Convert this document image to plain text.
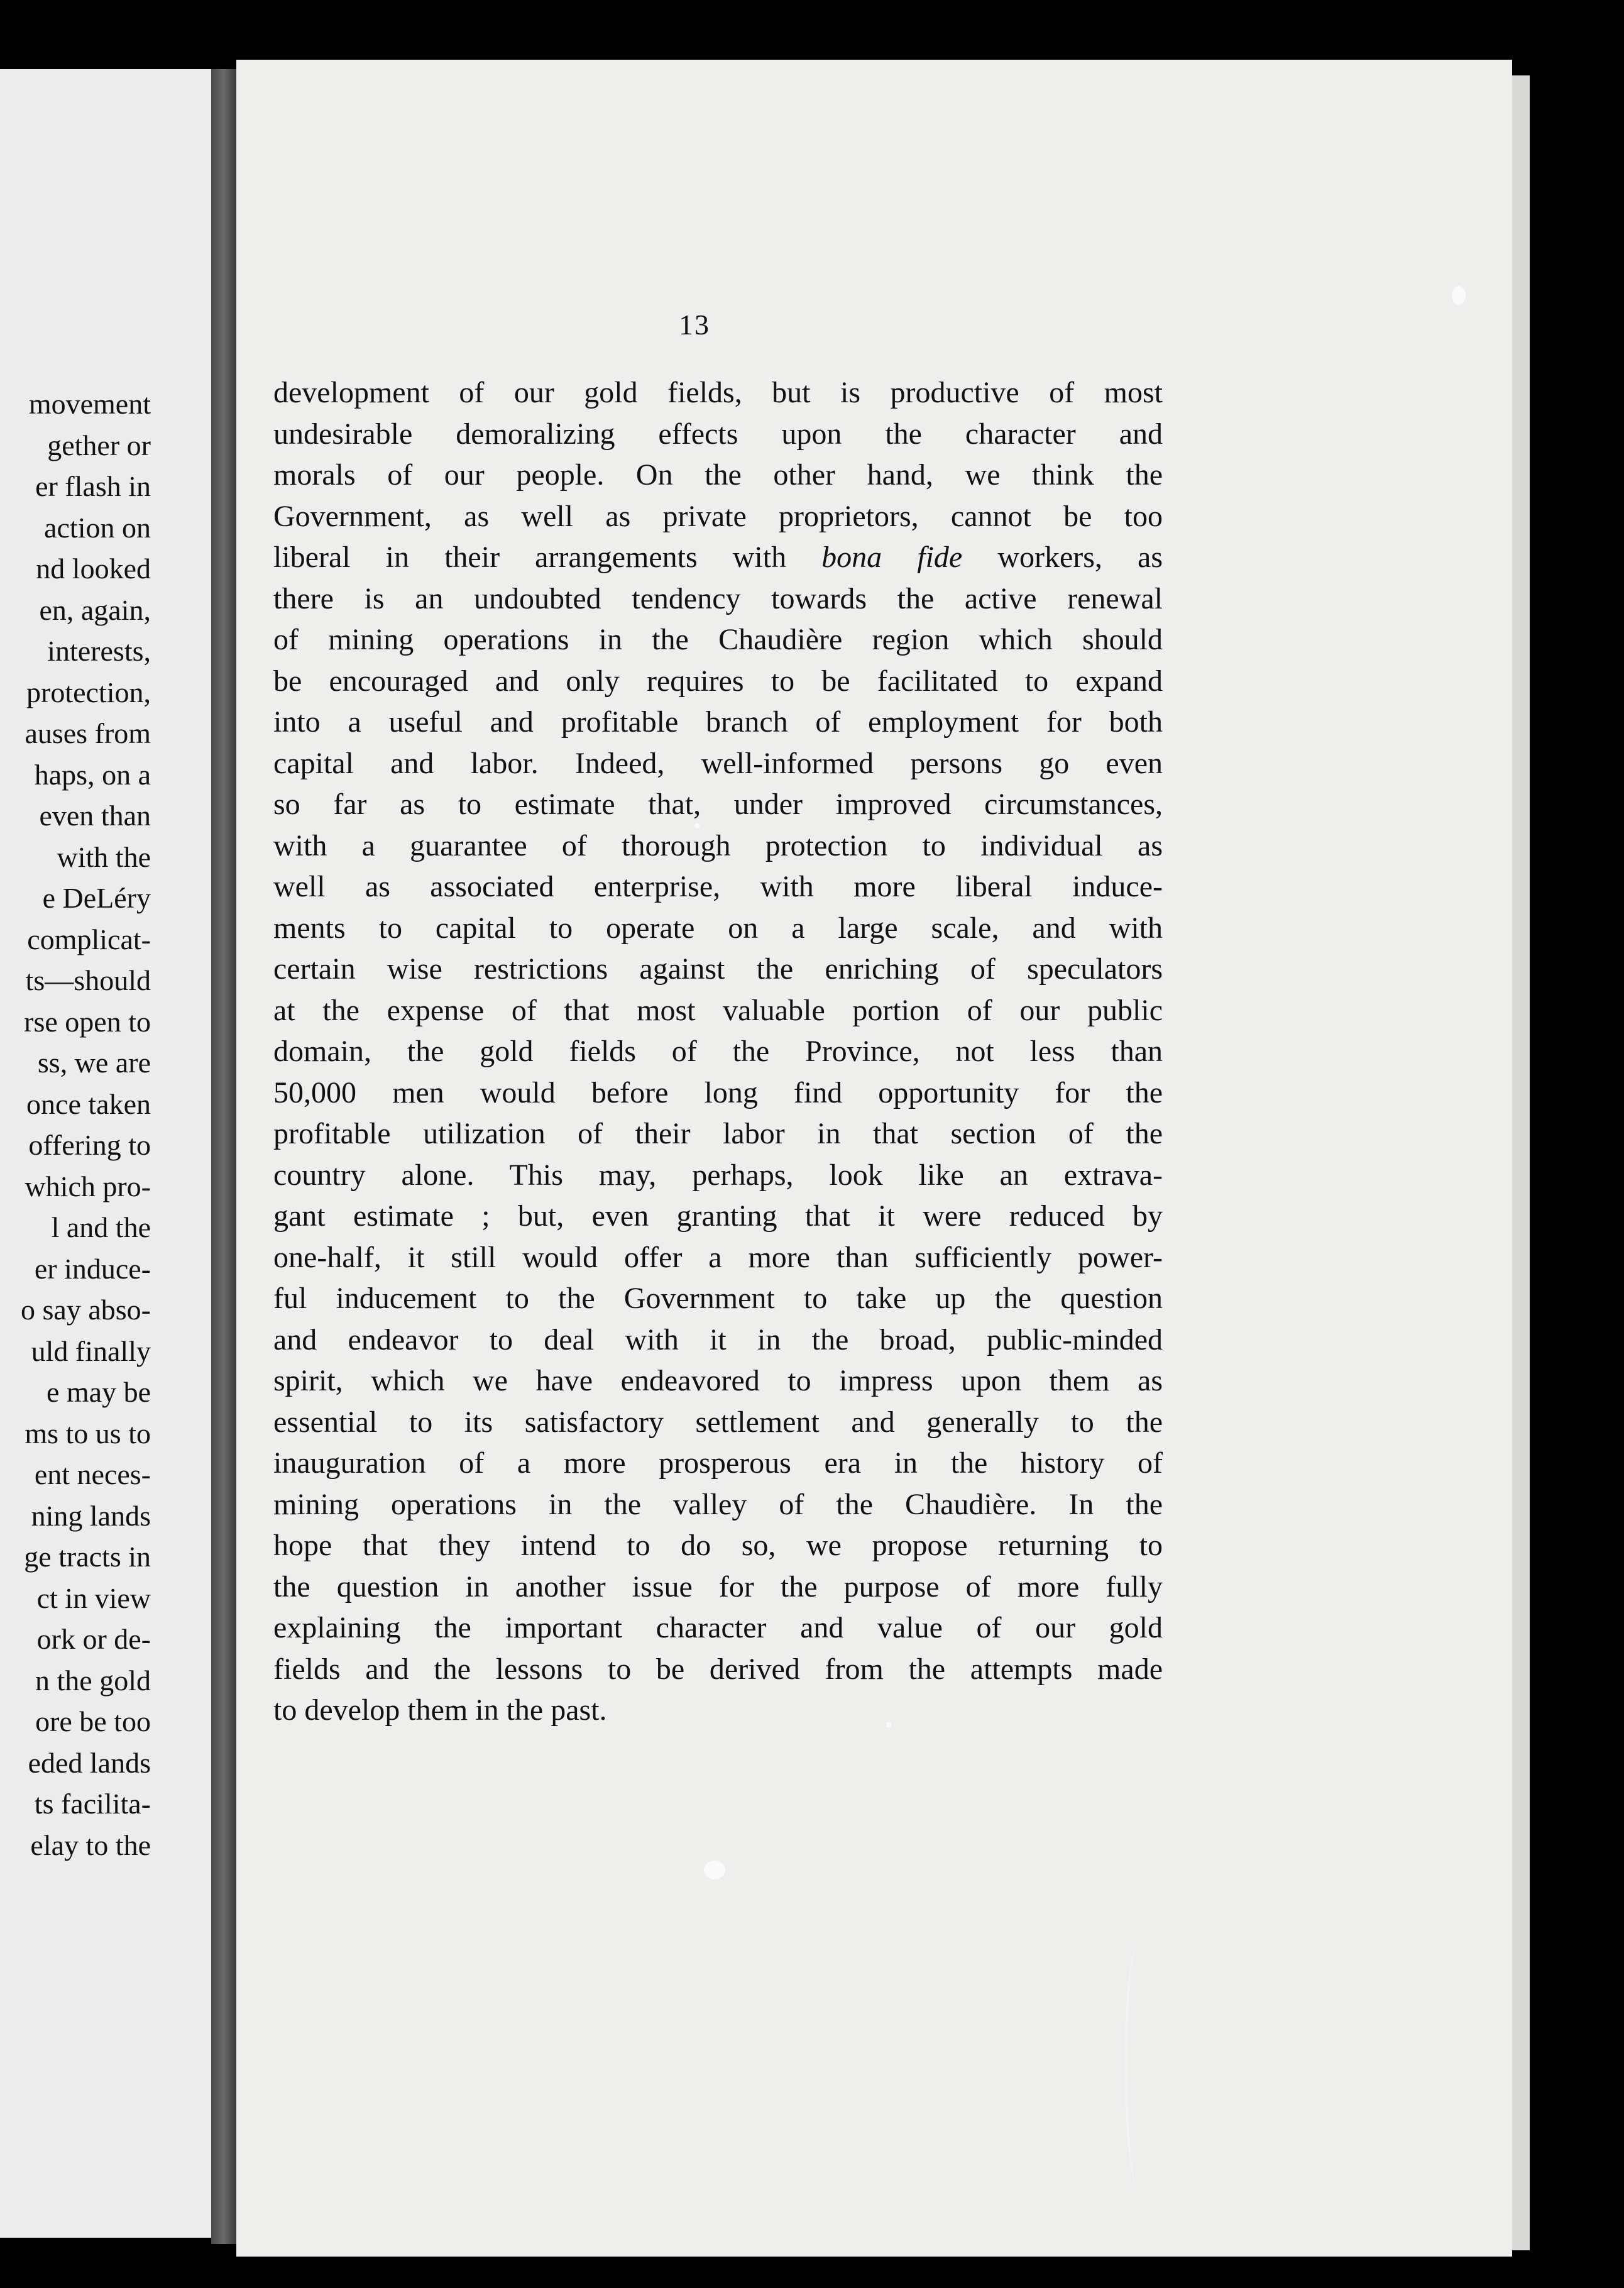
movement
gether or
er flash in
action on
nd looked
en, again,
interests,
protection,
auses from
haps, on a
even than
with the
e DeLéry
complicat-
ts—should
rse open to
ss, we are
once taken
offering to
which pro-
l and the
er induce-
o say abso-
uld finally
e may be
ms to us to
ent neces-
ning lands
ge tracts in
ct in view
ork or de-
n the gold
ore be too
eded lands
ts facilita-
elay to the
13
development of our gold fields, but is productive of most
undesirable demoralizing effects upon the character and
morals of our people. On the other hand, we think the
Government, as well as private proprietors, cannot be too
liberal in their arrangements with bona fide workers, as
there is an undoubted tendency towards the active renewal
of mining operations in the Chaudière region which should
be encouraged and only requires to be facilitated to expand
into a useful and profitable branch of employment for both
capital and labor. Indeed, well-informed persons go even
so far as to estimate that, under improved circumstances,
with a guarantee of thorough protection to individual as
well as associated enterprise, with more liberal induce-
ments to capital to operate on a large scale, and with
certain wise restrictions against the enriching of speculators
at the expense of that most valuable portion of our public
domain, the gold fields of the Province, not less than
50,000 men would before long find opportunity for the
profitable utilization of their labor in that section of the
country alone. This may, perhaps, look like an extrava-
gant estimate ; but, even granting that it were reduced by
one-half, it still would offer a more than sufficiently power-
ful inducement to the Government to take up the question
and endeavor to deal with it in the broad, public-minded
spirit, which we have endeavored to impress upon them as
essential to its satisfactory settlement and generally to the
inauguration of a more prosperous era in the history of
mining operations in the valley of the Chaudière. In the
hope that they intend to do so, we propose returning to
the question in another issue for the purpose of more fully
explaining the important character and value of our gold
fields and the lessons to be derived from the attempts made
to develop them in the past.
